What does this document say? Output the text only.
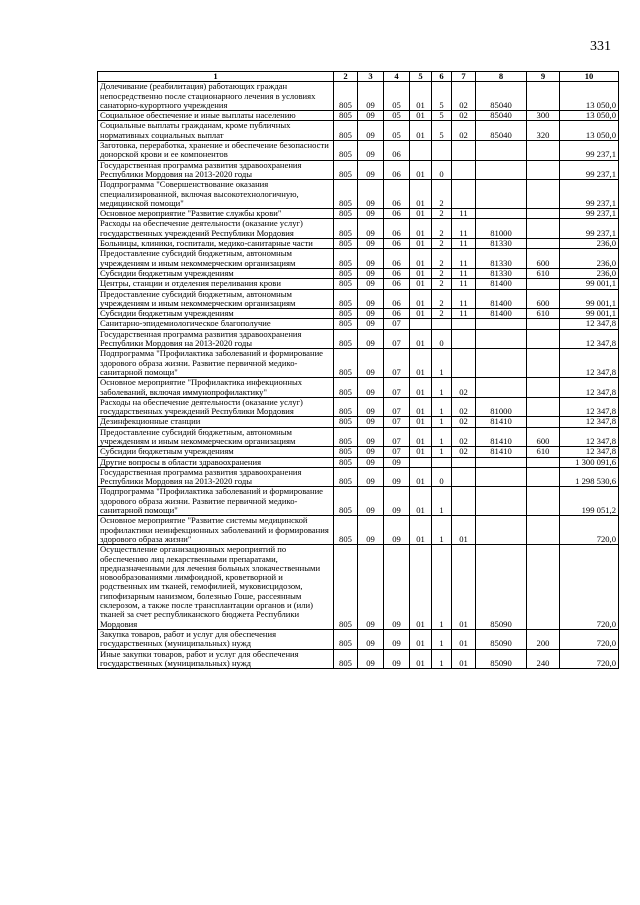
331
1	2	3	4	5	6	7	8	9	10
Долечивание (реабилитация) работающих граждан непосредственно после стационарного лечения в условиях санаторно-курортного учреждения	805	09	05	01	5	02	85040		13 050,0
Социальное обеспечение и иные выплаты населению	805	09	05	01	5	02	85040	300	13 050,0
Социальные выплаты гражданам, кроме публичных нормативных социальных выплат	805	09	05	01	5	02	85040	320	13 050,0
Заготовка, переработка, хранение и обеспечение безопасности донорской крови и ее компонентов	805	09	06						99 237,1
Государственная программа развития здравоохранения Республики Мордовия на 2013-2020 годы	805	09	06	01	0				99 237,1
Подпрограмма "Совершенствование оказания специализированной, включая высокотехнологичную, медицинской помощи"	805	09	06	01	2				99 237,1
Основное мероприятие "Развитие службы крови"	805	09	06	01	2	11			99 237,1
Расходы на обеспечение деятельности (оказание услуг) государственных учреждений Республики Мордовия	805	09	06	01	2	11	81000		99 237,1
Больницы, клиники, госпитали, медико-санитарные части	805	09	06	01	2	11	81330		236,0
Предоставление субсидий бюджетным, автономным учреждениям и иным некоммерческим организациям	805	09	06	01	2	11	81330	600	236,0
Субсидии бюджетным учреждениям	805	09	06	01	2	11	81330	610	236,0
Центры, станции и отделения переливания крови	805	09	06	01	2	11	81400		99 001,1
Предоставление субсидий бюджетным, автономным учреждениям и иным некоммерческим организациям	805	09	06	01	2	11	81400	600	99 001,1
Субсидии бюджетным учреждениям	805	09	06	01	2	11	81400	610	99 001,1
Санитарно-эпидемиологическое благополучие	805	09	07						12 347,8
Государственная программа развития здравоохранения Республики Мордовия на 2013-2020 годы	805	09	07	01	0				12 347,8
Подпрограмма "Профилактика заболеваний и формирование здорового образа жизни. Развитие первичной медико-санитарной помощи"	805	09	07	01	1				12 347,8
Основное мероприятие "Профилактика инфекционных заболеваний, включая иммунопрофилактику"	805	09	07	01	1	02			12 347,8
Расходы на обеспечение деятельности (оказание услуг) государственных учреждений Республики Мордовия	805	09	07	01	1	02	81000		12 347,8
Дезинфекционные станции	805	09	07	01	1	02	81410		12 347,8
Предоставление субсидий бюджетным, автономным учреждениям и иным некоммерческим организациям	805	09	07	01	1	02	81410	600	12 347,8
Субсидии бюджетным учреждениям	805	09	07	01	1	02	81410	610	12 347,8
Другие вопросы в области здравоохранения	805	09	09						1 300 091,6
Государственная программа развития здравоохранения Республики Мордовия на 2013-2020 годы	805	09	09	01	0				1 298 530,6
Подпрограмма "Профилактика заболеваний и формирование здорового образа жизни. Развитие первичной медико-санитарной помощи"	805	09	09	01	1				199 051,2
Основное мероприятие "Развитие системы медицинской профилактики неинфекционных заболеваний и формирования здорового образа жизни"	805	09	09	01	1	01			720,0
Осуществление организационных мероприятий по обеспечению лиц лекарственными препаратами, предназначенными для лечения больных злокачественными новообразованиями лимфоидной, кроветворной и родственных им тканей, гемофилией, муковисцидозом, гипофизарным нанизмом, болезнью Гоше, рассеянным склерозом, а также после трансплантации органов и (или) тканей за счет республиканского бюджета Республики Мордовия	805	09	09	01	1	01	85090		720,0
Закупка товаров, работ и услуг для обеспечения государственных (муниципальных) нужд	805	09	09	01	1	01	85090	200	720,0
Иные закупки товаров, работ и услуг для обеспечения государственных (муниципальных) нужд	805	09	09	01	1	01	85090	240	720,0
